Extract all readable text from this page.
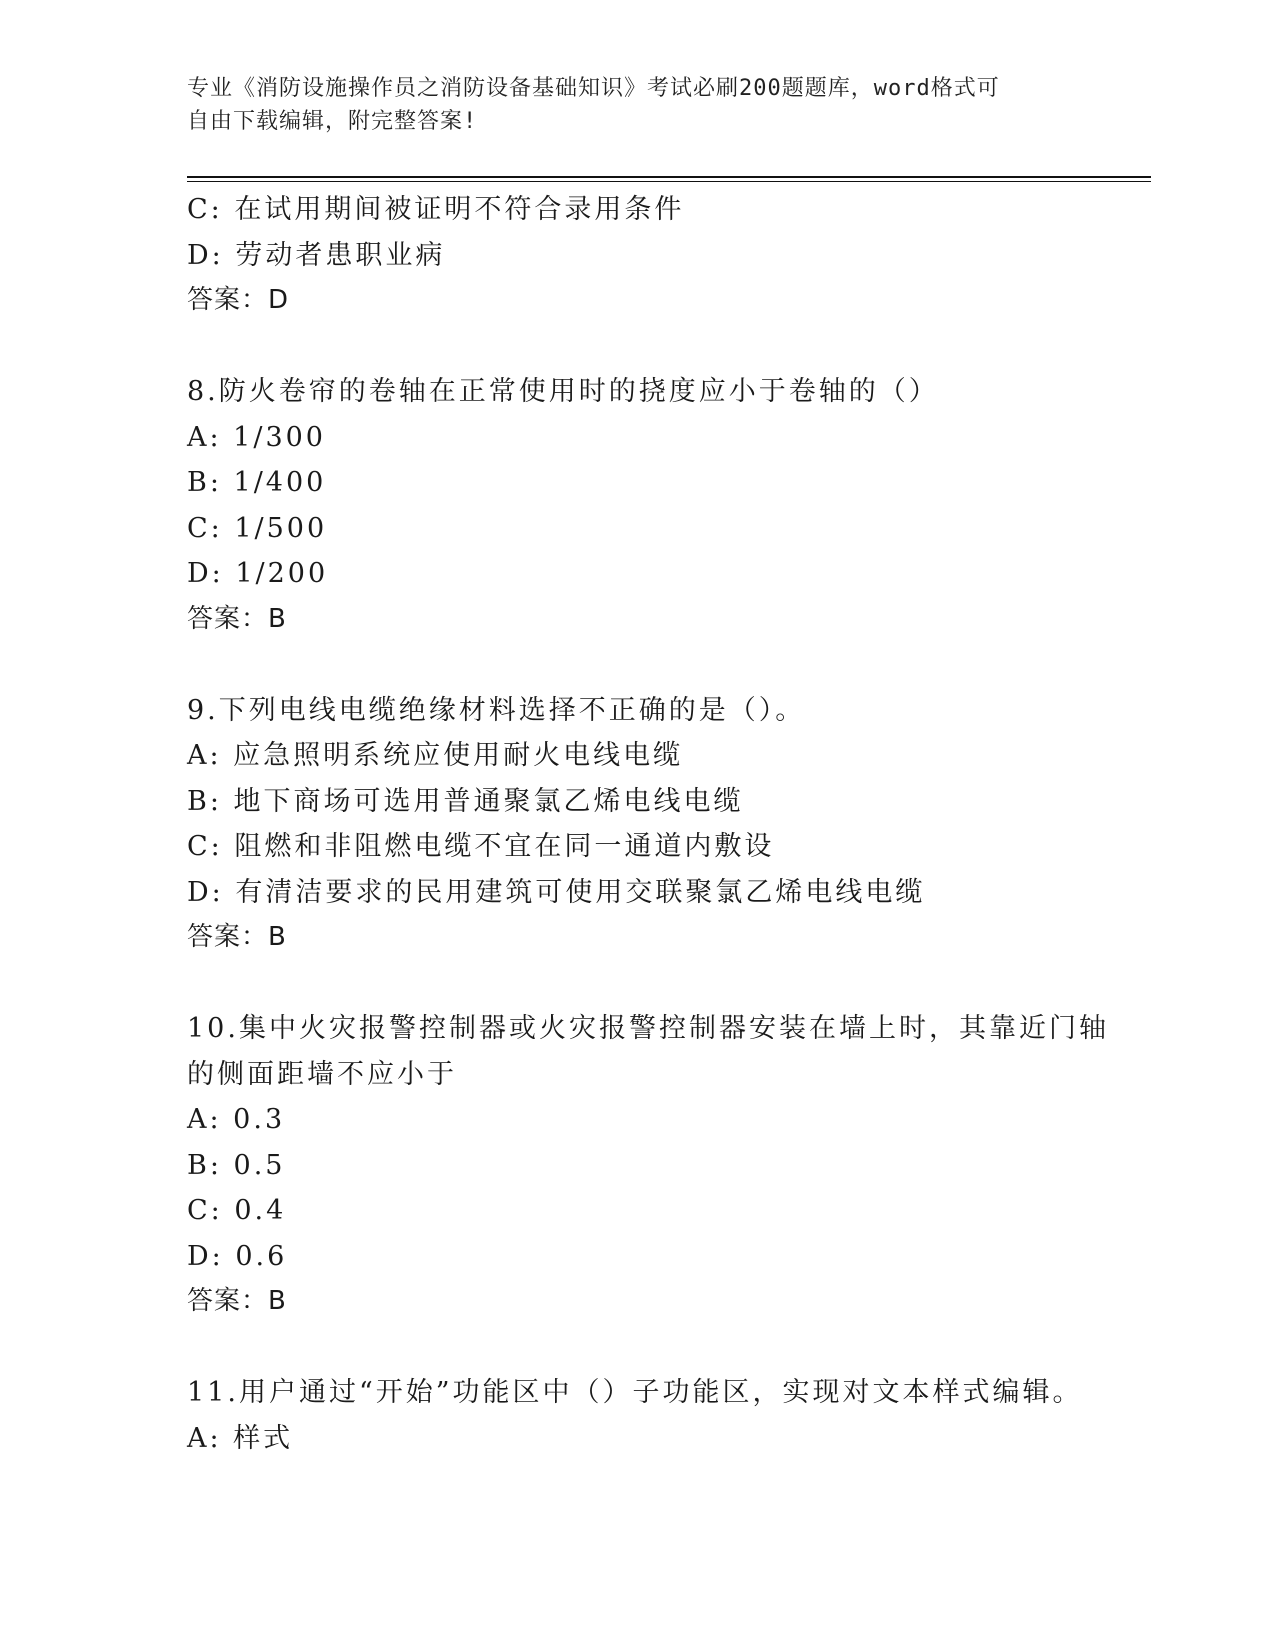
专业《消防设施操作员之消防设备基础知识》考试必刷200题题库，word格式可
自由下载编辑，附完整答案!
C: 在试用期间被证明不符合录用条件
D: 劳动者患职业病
答案：D
8.防火卷帘的卷轴在正常使用时的挠度应小于卷轴的（）
A: 1/300
B: 1/400
C: 1/500
D: 1/200
答案：B
9.下列电线电缆绝缘材料选择不正确的是（）。
A: 应急照明系统应使用耐火电线电缆
B: 地下商场可选用普通聚氯乙烯电线电缆
C: 阻燃和非阻燃电缆不宜在同一通道内敷设
D: 有清洁要求的民用建筑可使用交联聚氯乙烯电线电缆
答案：B
10.集中火灾报警控制器或火灾报警控制器安装在墙上时，其靠近门轴
的侧面距墙不应小于
A: 0.3
B: 0.5
C: 0.4
D: 0.6
答案：B
11.用户通过“开始”功能区中（）子功能区，实现对文本样式编辑。
A: 样式
